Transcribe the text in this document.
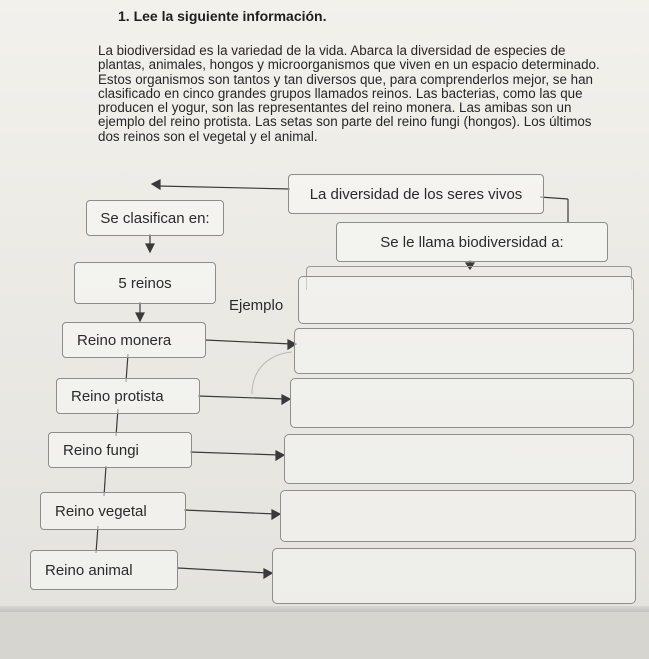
1. Lee la siguiente información.

La biodiversidad es la variedad de la vida. Abarca la diversidad de especies de
plantas, animales, hongos y microorganismos que viven en un espacio determinado.
Estos organismos son tantos y tan diversos que, para comprenderlos mejor, se han
clasificado en cinco grandes grupos llamados reinos. Las bacterias, como las que
producen el yogur, son las representantes del reino monera. Las amibas son un
ejemplo del reino protista. Las setas son parte del reino fungi (hongos). Los últimos
dos reinos son el vegetal y el animal.

La diversidad de los seres vivos
Se clasifican en:
Se le llama biodiversidad a:
5 reinos
Ejemplo
Reino monera
Reino protista
Reino fungi
Reino vegetal
Reino animal
